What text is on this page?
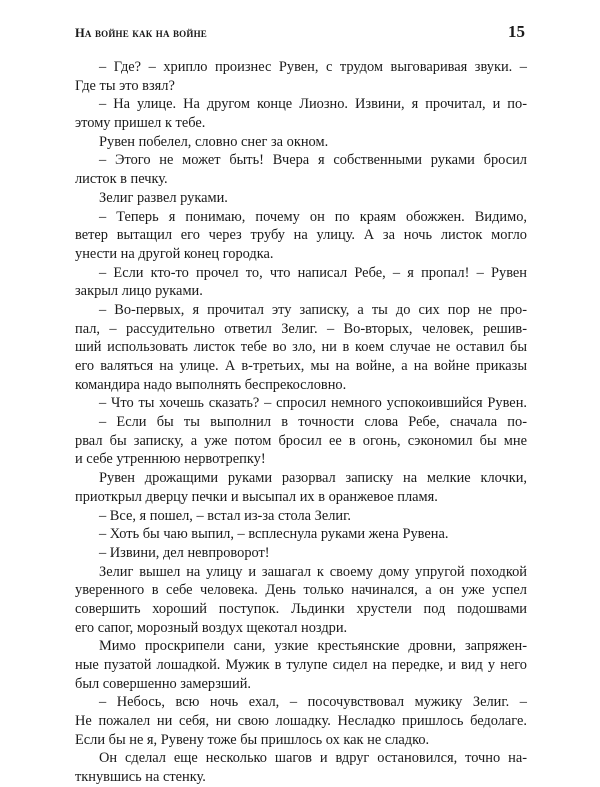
На войне как на войне	15
– Где? – хрипло произнес Рувен, с трудом выговаривая звуки. –
Где ты это взял?
– На улице. На другом конце Лиозно. Извини, я прочитал, и по-
этому пришел к тебе.
Рувен побелел, словно снег за окном.
– Этого не может быть! Вчера я собственными руками бросил
листок в печку.
Зелиг развел руками.
– Теперь я понимаю, почему он по краям обожжен. Видимо,
ветер вытащил его через трубу на улицу. А за ночь листок могло
унести на другой конец городка.
– Если кто-то прочел то, что написал Ребе, – я пропал! – Рувен
закрыл лицо руками.
– Во-первых, я прочитал эту записку, а ты до сих пор не про-
пал, – рассудительно ответил Зелиг. – Во-вторых, человек, решив-
ший использовать листок тебе во зло, ни в коем случае не оставил бы
его валяться на улице. А в-третьих, мы на войне, а на войне приказы
командира надо выполнять беспрекословно.
– Что ты хочешь сказать? – спросил немного успокоившийся Рувен.
– Если бы ты выполнил в точности слова Ребе, сначала по-
рвал бы записку, а уже потом бросил ее в огонь, сэкономил бы мне
и себе утреннюю нервотрепку!
Рувен дрожащими руками разорвал записку на мелкие клочки,
приоткрыл дверцу печки и высыпал их в оранжевое пламя.
– Все, я пошел, – встал из-за стола Зелиг.
– Хоть бы чаю выпил, – всплеснула руками жена Рувена.
– Извини, дел невпроворот!
Зелиг вышел на улицу и зашагал к своему дому упругой походкой
уверенного в себе человека. День только начинался, а он уже успел
совершить хороший поступок. Льдинки хрустели под подошвами
его сапог, морозный воздух щекотал ноздри.
Мимо проскрипели сани, узкие крестьянские дровни, запряжен-
ные пузатой лошадкой. Мужик в тулупе сидел на передке, и вид у него
был совершенно замерзший.
– Небось, всю ночь ехал, – посочувствовал мужику Зелиг. –
Не пожалел ни себя, ни свою лошадку. Несладко пришлось бедолаге.
Если бы не я, Рувену тоже бы пришлось ох как не сладко.
Он сделал еще несколько шагов и вдруг остановился, точно на-
ткнувшись на стенку.
